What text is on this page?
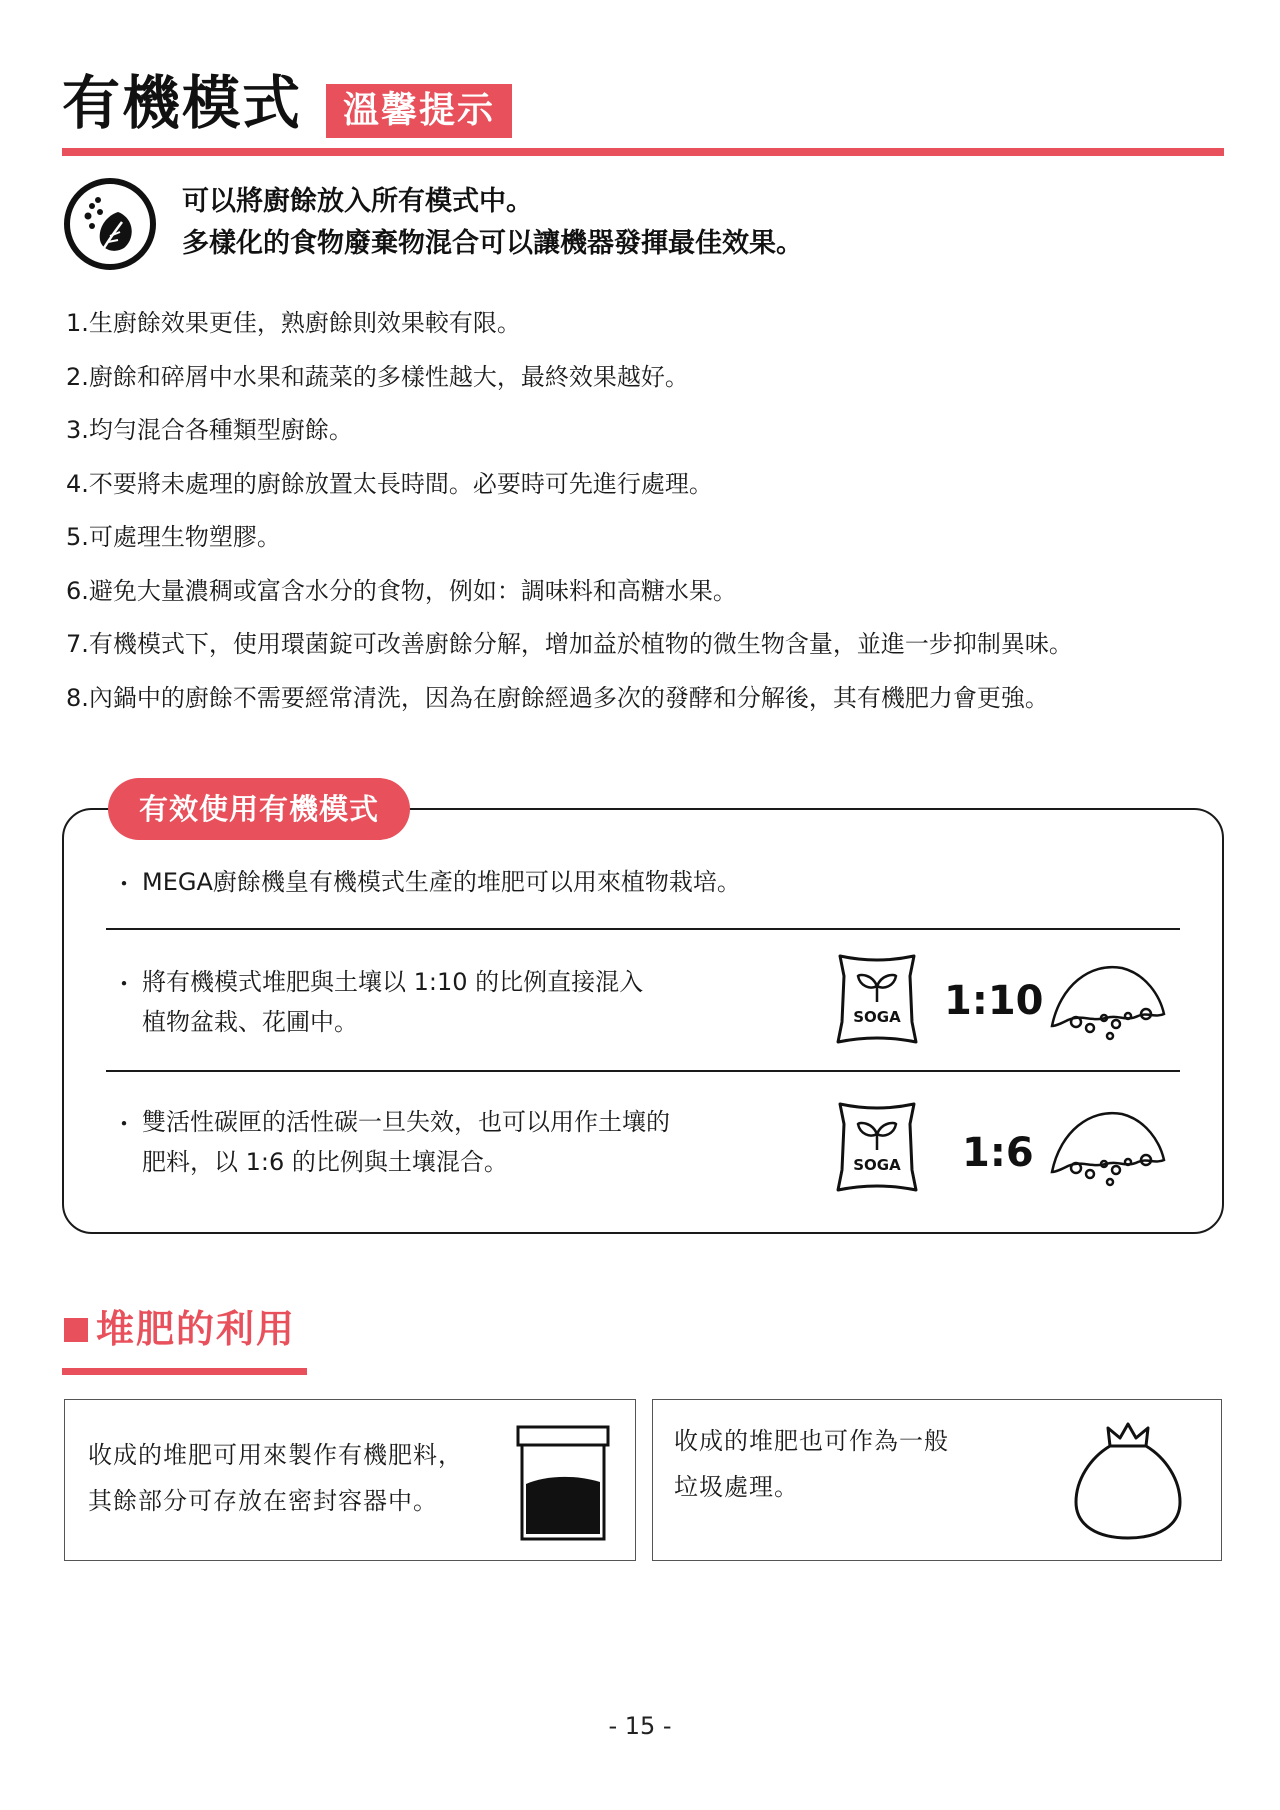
有機模式	溫馨提示
可以將廚餘放入所有模式中。
多樣化的食物廢棄物混合可以讓機器發揮最佳效果。
1.生廚餘效果更佳，熟廚餘則效果較有限。
2.廚餘和碎屑中水果和蔬菜的多樣性越大，最終效果越好。
3.均勻混合各種類型廚餘。
4.不要將未處理的廚餘放置太長時間。必要時可先進行處理。
5.可處理生物塑膠。
6.避免大量濃稠或富含水分的食物，例如：調味料和高糖水果。
7.有機模式下，使用環菌錠可改善廚餘分解，增加益於植物的微生物含量，並進一步抑制異味。
8.內鍋中的廚餘不需要經常清洗，因為在廚餘經過多次的發酵和分解後，其有機肥力會更強。
有效使用有機模式
・ MEGA廚餘機皇有機模式生產的堆肥可以用來植物栽培。
・ 將有機模式堆肥與土壤以 1:10 的比例直接混入
植物盆栽、花圃中。	SOGA 1:10
・ 雙活性碳匣的活性碳一旦失效，也可以用作土壤的
肥料，以 1:6 的比例與土壤混合。	SOGA 1:6
堆肥的利用
收成的堆肥可用來製作有機肥料，
其餘部分可存放在密封容器中。
收成的堆肥也可作為一般
垃圾處理。
- 15 -
